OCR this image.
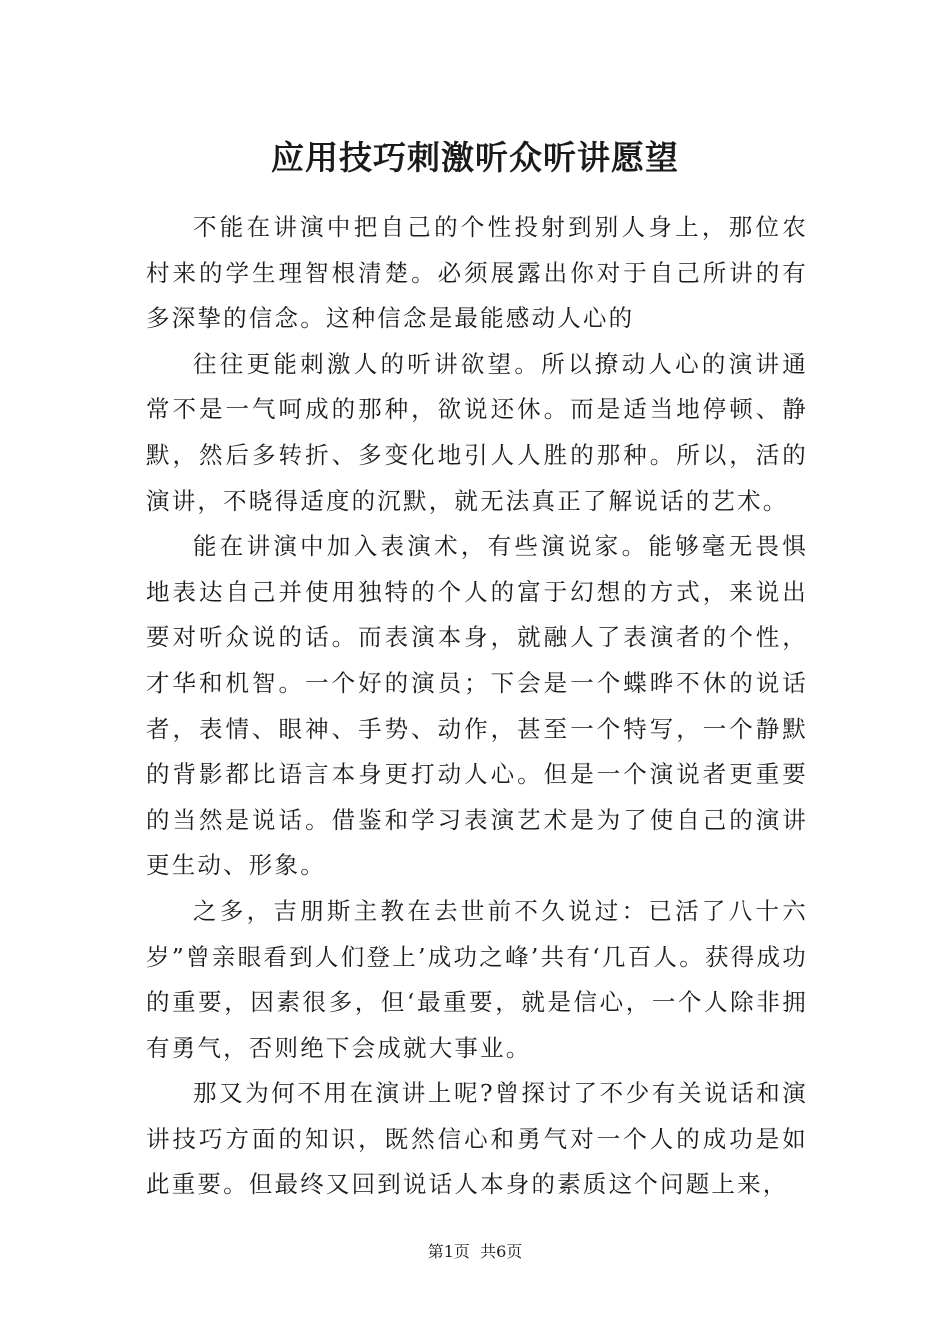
应用技巧刺激听众听讲愿望

不能在讲演中把自己的个性投射到别人身上，那位农村来的学生理智根清楚。必须展露出你对于自己所讲的有多深挚的信念。这种信念是最能感动人心的

往往更能刺激人的听讲欲望。所以撩动人心的演讲通常不是一气呵成的那种，欲说还休。而是适当地停顿、静默，然后多转折、多变化地引人人胜的那种。所以，活的演讲，不晓得适度的沉默，就无法真正了解说话的艺术。

能在讲演中加入表演术，有些演说家。能够毫无畏惧地表达自己并使用独特的个人的富于幻想的方式，来说出要对听众说的话。而表演本身，就融人了表演者的个性，才华和机智。一个好的演员；下会是一个蝶晔不休的说话者，表情、眼神、手势、动作，甚至一个特写，一个静默的背影都比语言本身更打动人心。但是一个演说者更重要的当然是说话。借鉴和学习表演艺术是为了使自己的演讲更生动、形象。

之多，吉朋斯主教在去世前不久说过：已活了八十六岁”曾亲眼看到人们登上’成功之峰’共有‘几百人。获得成功的重要，因素很多，但‘最重要，就是信心，一个人除非拥有勇气，否则绝下会成就大事业。

那又为何不用在演讲上呢?曾探讨了不少有关说话和演讲技巧方面的知识，既然信心和勇气对一个人的成功是如此重要。但最终又回到说话人本身的素质这个问题上来，

第1页 共6页
